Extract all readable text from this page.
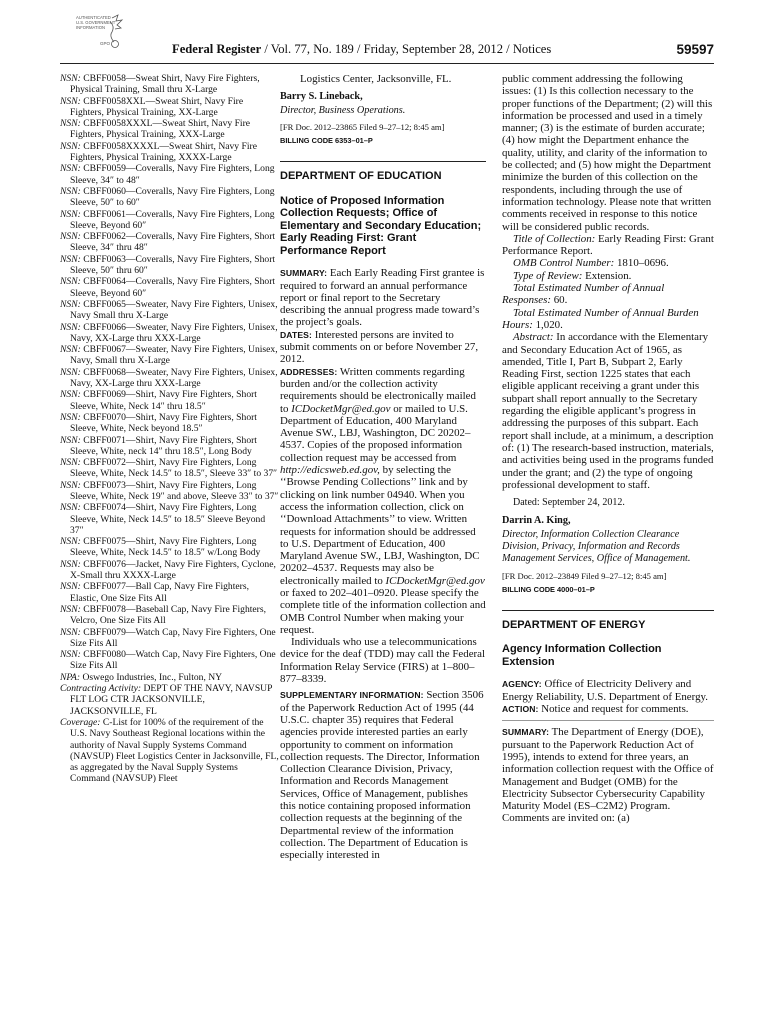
AUTHENTICATED
U.S. GOVERNMENT
INFORMATION
GPO	Federal Register / Vol. 77, No. 189 / Friday, September 28, 2012 / Notices	59597

NSN: CBFF0058—Sweat Shirt, Navy Fire Fighters, Physical Training, Small thru X-Large

NSN: CBFF0058XXL—Sweat Shirt, Navy Fire Fighters, Physical Training, XX-Large

NSN: CBFF0058XXXL—Sweat Shirt, Navy Fire Fighters, Physical Training, XXX-Large

NSN: CBFF0058XXXXL—Sweat Shirt, Navy Fire Fighters, Physical Training, XXXX-Large

NSN: CBFF0059—Coveralls, Navy Fire Fighters, Long Sleeve, 34″ to 48″

NSN: CBFF0060—Coveralls, Navy Fire Fighters, Long Sleeve, 50″ to 60″

NSN: CBFF0061—Coveralls, Navy Fire Fighters, Long Sleeve, Beyond 60″

NSN: CBFF0062—Coveralls, Navy Fire Fighters, Short Sleeve, 34″ thru 48″

NSN: CBFF0063—Coveralls, Navy Fire Fighters, Short Sleeve, 50″ thru 60″

NSN: CBFF0064—Coveralls, Navy Fire Fighters, Short Sleeve, Beyond 60″

NSN: CBFF0065—Sweater, Navy Fire Fighters, Unisex, Navy Small thru X-Large

NSN: CBFF0066—Sweater, Navy Fire Fighters, Unisex, Navy, XX-Large thru XXX-Large

NSN: CBFF0067—Sweater, Navy Fire Fighters, Unisex, Navy, Small thru X-Large

NSN: CBFF0068—Sweater, Navy Fire Fighters, Unisex, Navy, XX-Large thru XXX-Large

NSN: CBFF0069—Shirt, Navy Fire Fighters, Short Sleeve, White, Neck 14″ thru 18.5″

NSN: CBFF0070—Shirt, Navy Fire Fighters, Short Sleeve, White, Neck beyond 18.5″

NSN: CBFF0071—Shirt, Navy Fire Fighters, Short Sleeve, White, neck 14″ thru 18.5″, Long Body

NSN: CBFF0072—Shirt, Navy Fire Fighters, Long Sleeve, White, Neck 14.5″ to 18.5″, Sleeve 33″ to 37″

NSN: CBFF0073—Shirt, Navy Fire Fighters, Long Sleeve, White, Neck 19″ and above, Sleeve 33″ to 37″

NSN: CBFF0074—Shirt, Navy Fire Fighters, Long Sleeve, White, Neck 14.5″ to 18.5″ Sleeve Beyond 37″

NSN: CBFF0075—Shirt, Navy Fire Fighters, Long Sleeve, White, Neck 14.5″ to 18.5″ w/Long Body

NSN: CBFF0076—Jacket, Navy Fire Fighters, Cyclone, X-Small thru XXXX-Large

NSN: CBFF0077—Ball Cap, Navy Fire Fighters, Elastic, One Size Fits All

NSN: CBFF0078—Baseball Cap, Navy Fire Fighters, Velcro, One Size Fits All

NSN: CBFF0079—Watch Cap, Navy Fire Fighters, One Size Fits All

NSN: CBFF0080—Watch Cap, Navy Fire Fighters, One Size Fits All

NPA: Oswego Industries, Inc., Fulton, NY

Contracting Activity: DEPT OF THE NAVY, NAVSUP FLT LOG CTR JACKSONVILLE, JACKSONVILLE, FL

Coverage: C-List for 100% of the requirement of the U.S. Navy Southeast Regional locations within the authority of Naval Supply Systems Command (NAVSUP) Fleet Logistics Center in Jacksonville, FL, as aggregated by the Naval Supply Systems Command (NAVSUP) Fleet

Logistics Center, Jacksonville, FL.

Barry S. Lineback,

Director, Business Operations.

[FR Doc. 2012–23865 Filed 9–27–12; 8:45 am]

BILLING CODE 6353–01–P

DEPARTMENT OF EDUCATION

Notice of Proposed Information Collection Requests; Office of Elementary and Secondary Education; Early Reading First: Grant Performance Report

SUMMARY: Each Early Reading First grantee is required to forward an annual performance report or final report to the Secretary describing the annual progress made toward’s the project’s goals.

DATES: Interested persons are invited to submit comments on or before November 27, 2012.

ADDRESSES: Written comments regarding burden and/or the collection activity requirements should be electronically mailed to ICDocketMgr@ed.gov or mailed to U.S. Department of Education, 400 Maryland Avenue SW., LBJ, Washington, DC 20202–4537. Copies of the proposed information collection request may be accessed from http://edicsweb.ed.gov, by selecting the ‘‘Browse Pending Collections’’ link and by clicking on link number 04940. When you access the information collection, click on ‘‘Download Attachments’’ to view. Written requests for information should be addressed to U.S. Department of Education, 400 Maryland Avenue SW., LBJ, Washington, DC 20202–4537. Requests may also be electronically mailed to ICDocketMgr@ed.gov or faxed to 202–401–0920. Please specify the complete title of the information collection and OMB Control Number when making your request.

Individuals who use a telecommunications device for the deaf (TDD) may call the Federal Information Relay Service (FIRS) at 1–800–877–8339.

SUPPLEMENTARY INFORMATION: Section 3506 of the Paperwork Reduction Act of 1995 (44 U.S.C. chapter 35) requires that Federal agencies provide interested parties an early opportunity to comment on information collection requests. The Director, Information Collection Clearance Division, Privacy, Information and Records Management Services, Office of Management, publishes this notice containing proposed information collection requests at the beginning of the Departmental review of the information collection. The Department of Education is especially interested in

public comment addressing the following issues: (1) Is this collection necessary to the proper functions of the Department; (2) will this information be processed and used in a timely manner; (3) is the estimate of burden accurate; (4) how might the Department enhance the quality, utility, and clarity of the information to be collected; and (5) how might the Department minimize the burden of this collection on the respondents, including through the use of information technology. Please note that written comments received in response to this notice will be considered public records.

Title of Collection: Early Reading First: Grant Performance Report.

OMB Control Number: 1810–0696.

Type of Review: Extension.

Total Estimated Number of Annual Responses: 60.

Total Estimated Number of Annual Burden Hours: 1,020.

Abstract: In accordance with the Elementary and Secondary Education Act of 1965, as amended, Title I, Part B, Subpart 2, Early Reading First, section 1225 states that each eligible applicant receiving a grant under this subpart shall report annually to the Secretary regarding the eligible applicant’s progress in addressing the purposes of this subpart. Each report shall include, at a minimum, a description of: (1) The research-based instruction, materials, and activities being used in the programs funded under the grant; and (2) the type of ongoing professional development to staff.

Dated: September 24, 2012.

Darrin A. King,

Director, Information Collection Clearance Division, Privacy, Information and Records Management Services, Office of Management.

[FR Doc. 2012–23849 Filed 9–27–12; 8:45 am]

BILLING CODE 4000–01–P

DEPARTMENT OF ENERGY

Agency Information Collection Extension

AGENCY: Office of Electricity Delivery and Energy Reliability, U.S. Department of Energy.

ACTION: Notice and request for comments.

SUMMARY: The Department of Energy (DOE), pursuant to the Paperwork Reduction Act of 1995), intends to extend for three years, an information collection request with the Office of Management and Budget (OMB) for the Electricity Subsector Cybersecurity Capability Maturity Model (ES–C2M2) Program. Comments are invited on: (a)
